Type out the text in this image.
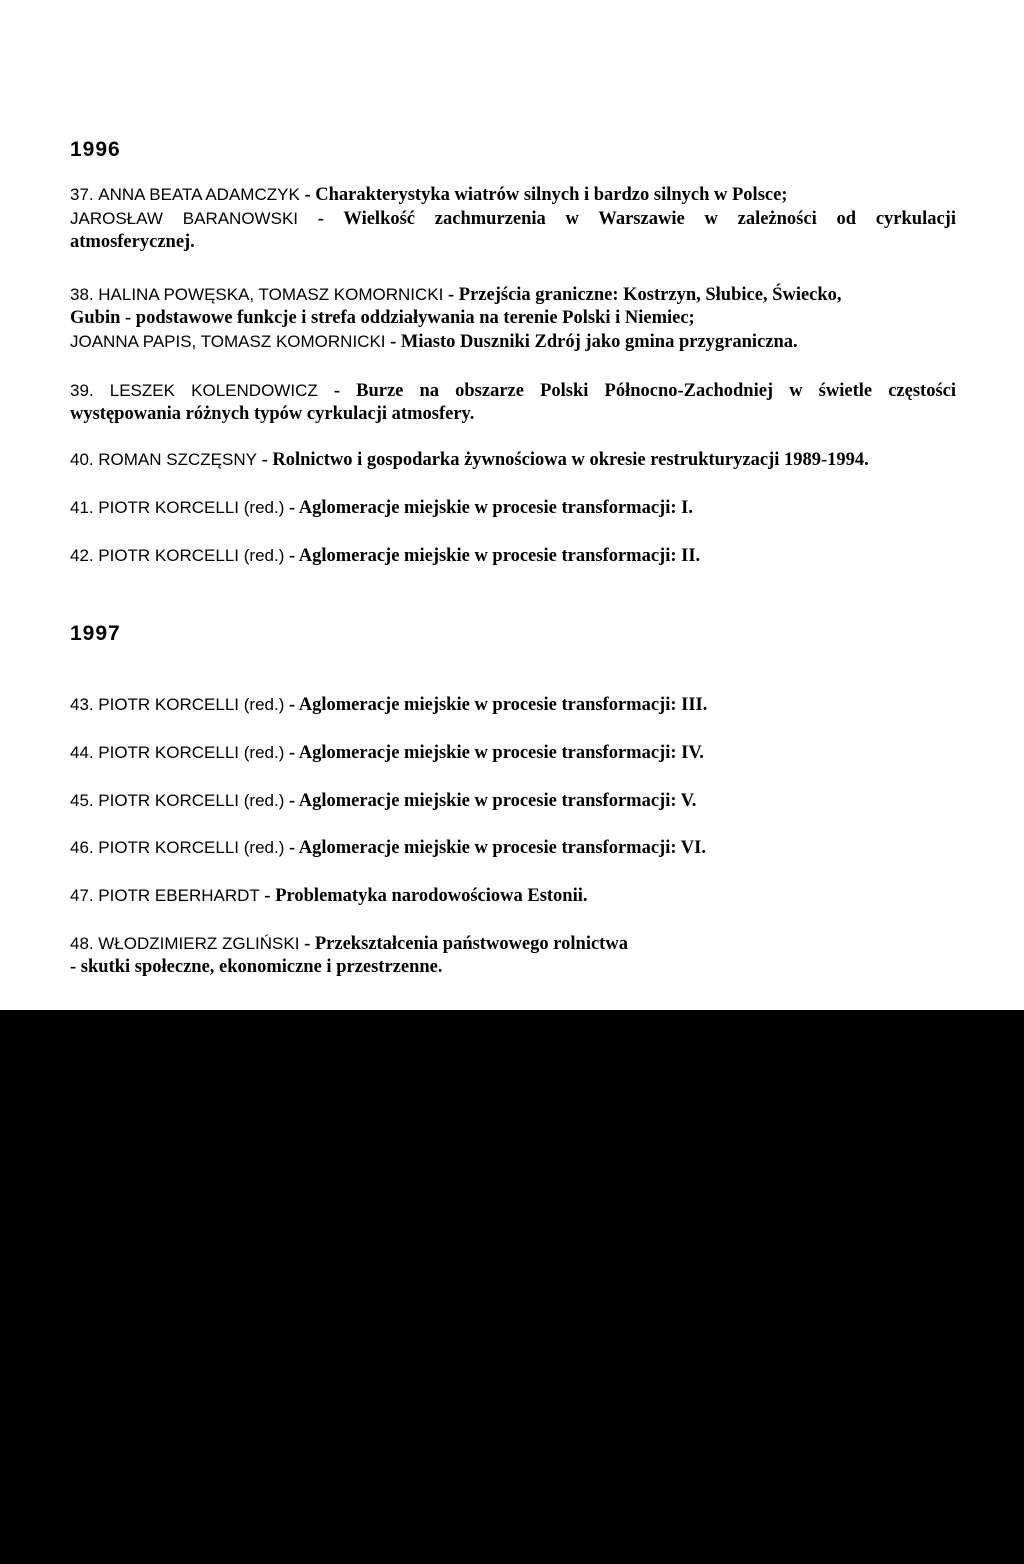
1996
37. ANNA BEATA ADAMCZYK - Charakterystyka wiatrów silnych i bardzo silnych w Polsce;
JAROSŁAW BARANOWSKI - Wielkość zachmurzenia w Warszawie w zależności od cyrkulacji
atmosferycznej.
38. HALINA POWĘSKA, TOMASZ KOMORNICKI - Przejścia graniczne: Kostrzyn, Słubice, Świecko,
Gubin - podstawowe funkcje i strefa oddziaływania na terenie Polski i Niemiec;
JOANNA PAPIS, TOMASZ KOMORNICKI - Miasto Duszniki Zdrój jako gmina przygraniczna.
39. LESZEK KOLENDOWICZ - Burze na obszarze Polski Północno-Zachodniej w świetle częstości
występowania różnych typów cyrkulacji atmosfery.
40. ROMAN SZCZĘSNY - Rolnictwo i gospodarka żywnościowa w okresie restrukturyzacji 1989-1994.
41. PIOTR KORCELLI (red.) - Aglomeracje miejskie w procesie transformacji: I.
42. PIOTR KORCELLI (red.) - Aglomeracje miejskie w procesie transformacji: II.
1997
43. PIOTR KORCELLI (red.) - Aglomeracje miejskie w procesie transformacji: III.
44. PIOTR KORCELLI (red.) - Aglomeracje miejskie w procesie transformacji: IV.
45. PIOTR KORCELLI (red.) - Aglomeracje miejskie w procesie transformacji: V.
46. PIOTR KORCELLI (red.) - Aglomeracje miejskie w procesie transformacji: VI.
47. PIOTR EBERHARDT - Problematyka narodowościowa Estonii.
48. WŁODZIMIERZ ZGLIŃSKI - Przekształcenia państwowego rolnictwa
- skutki społeczne, ekonomiczne i przestrzenne.
